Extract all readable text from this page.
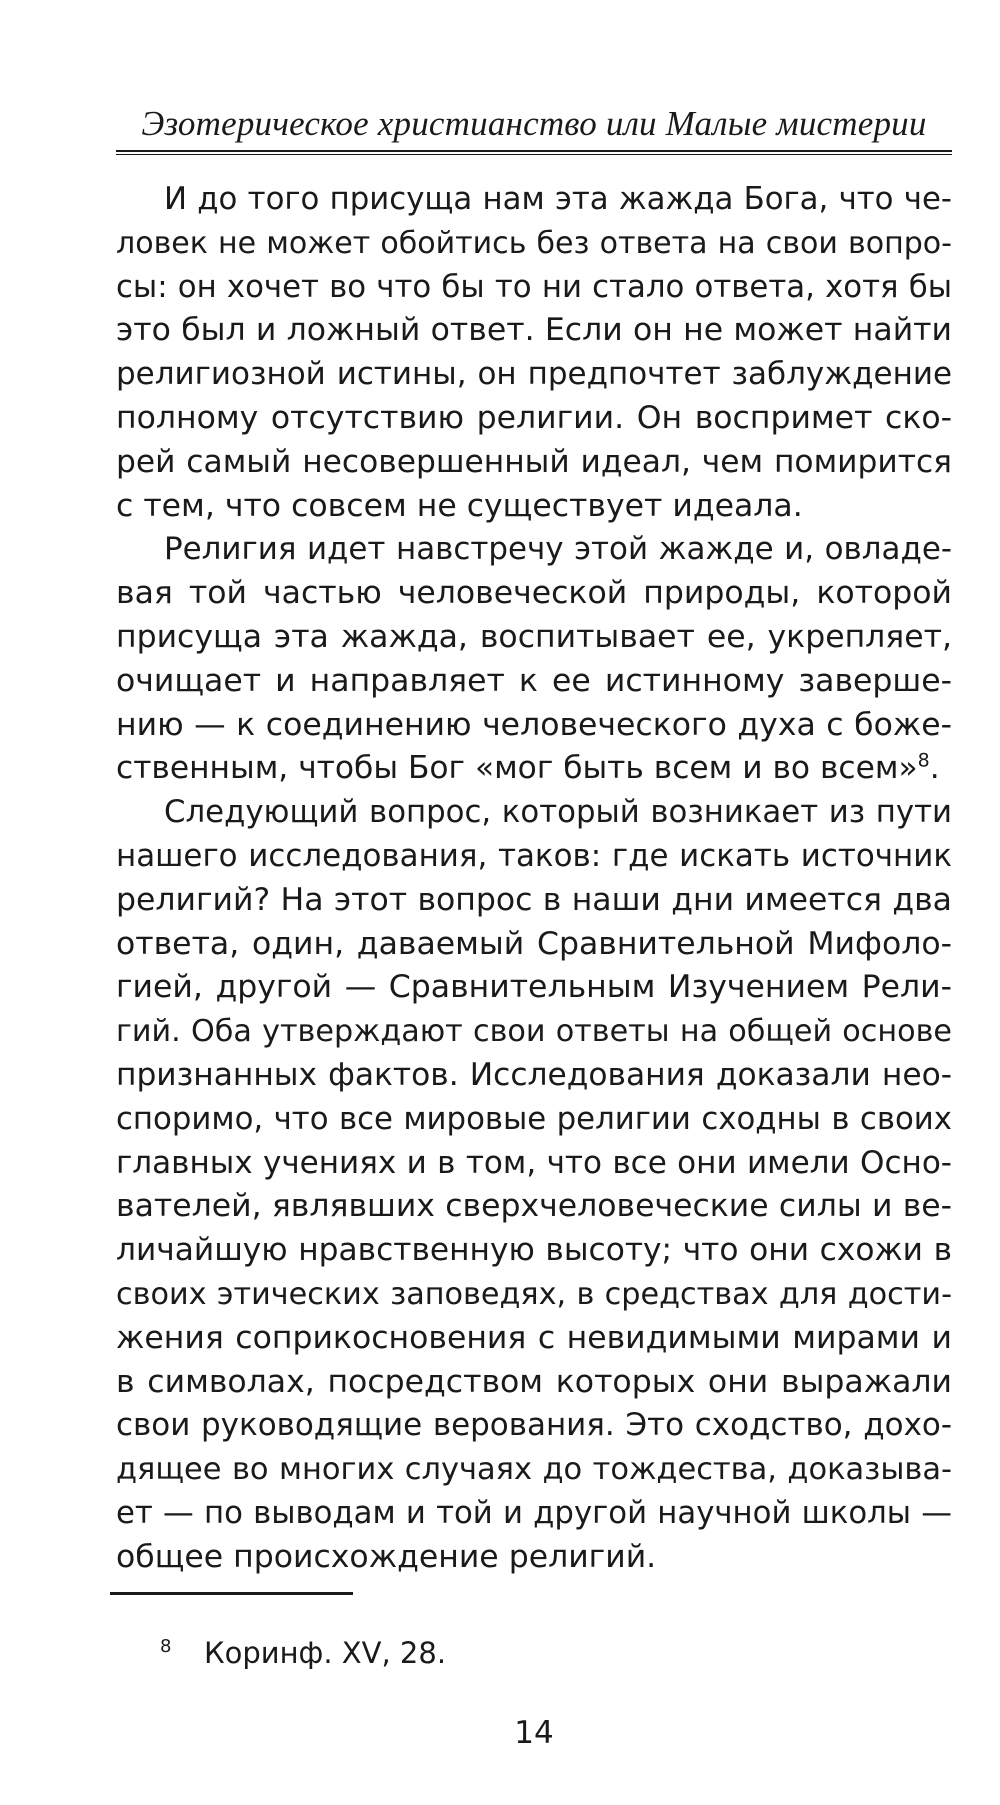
Эзотерическое христианство или Малые мистерии
И до того присуща нам эта жажда Бога, что че-
ловек не может обойтись без ответа на свои вопро-
сы: он хочет во что бы то ни стало ответа, хотя бы
это был и ложный ответ. Если он не может найти
религиозной истины, он предпочтет заблуждение
полному отсутствию религии. Он воспримет ско-
рей самый несовершенный идеал, чем помирится
с тем, что совсем не существует идеала.
Религия идет навстречу этой жажде и, овладе-
вая той частью человеческой природы, которой
присуща эта жажда, воспитывает ее, укрепляет,
очищает и направляет к ее истинному заверше-
нию — к соединению человеческого духа с боже-
ственным, чтобы Бог «мог быть всем и во всем»$^8$.
Следующий вопрос, который возникает из пути
нашего исследования, таков: где искать источник
религий? На этот вопрос в наши дни имеется два
ответа, один, даваемый Сравнительной Мифоло-
гией, другой — Сравнительным Изучением Рели-
гий. Оба утверждают свои ответы на общей основе
признанных фактов. Исследования доказали нео-
споримо, что все мировые религии сходны в своих
главных учениях и в том, что все они имели Осно-
вателей, являвших сверхчеловеческие силы и ве-
личайшую нравственную высоту; что они схожи в
своих этических заповедях, в средствах для дости-
жения соприкосновения с невидимыми мирами и
в символах, посредством которых они выражали
свои руководящие верования. Это сходство, дохо-
дящее во многих случаях до тождества, доказыва-
ет — по выводам и той и другой научной школы —
общее происхождение религий.
8 Коринф. XV, 28.
14
